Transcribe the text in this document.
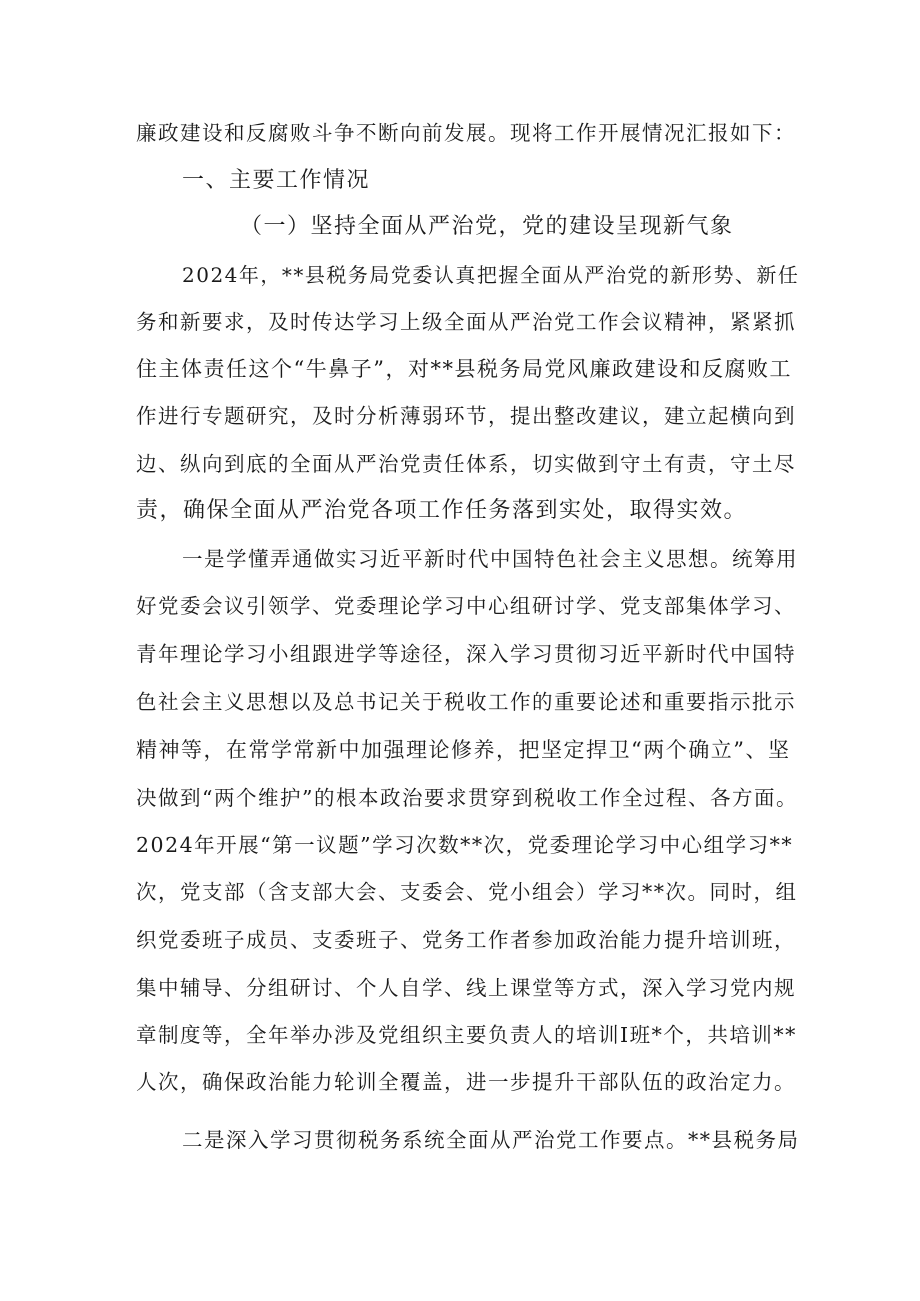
廉政建设和反腐败斗争不断向前发展。现将工作开展情况汇报如下：
一、主要工作情况
（一）坚持全面从严治党，党的建设呈现新气象
2024年，**县税务局党委认真把握全面从严治党的新形势、新任
务和新要求，及时传达学习上级全面从严治党工作会议精神，紧紧抓
住主体责任这个“牛鼻子”，对**县税务局党风廉政建设和反腐败工
作进行专题研究，及时分析薄弱环节，提出整改建议，建立起横向到
边、纵向到底的全面从严治党责任体系，切实做到守土有责，守土尽
责，确保全面从严治党各项工作任务落到实处，取得实效。
一是学懂弄通做实习近平新时代中国特色社会主义思想。统筹用
好党委会议引领学、党委理论学习中心组研讨学、党支部集体学习、
青年理论学习小组跟进学等途径，深入学习贯彻习近平新时代中国特
色社会主义思想以及总书记关于税收工作的重要论述和重要指示批示
精神等，在常学常新中加强理论修养，把坚定捍卫“两个确立”、坚
决做到“两个维护”的根本政治要求贯穿到税收工作全过程、各方面。
2024年开展“第一议题”学习次数**次，党委理论学习中心组学习**
次，党支部（含支部大会、支委会、党小组会）学习**次。同时，组
织党委班子成员、支委班子、党务工作者参加政治能力提升培训班，
集中辅导、分组研讨、个人自学、线上课堂等方式，深入学习党内规
章制度等，全年举办涉及党组织主要负责人的培训Ⅰ班*个，共培训**
人次，确保政治能力轮训全覆盖，进一步提升干部队伍的政治定力。
二是深入学习贯彻税务系统全面从严治党工作要点。**县税务局
